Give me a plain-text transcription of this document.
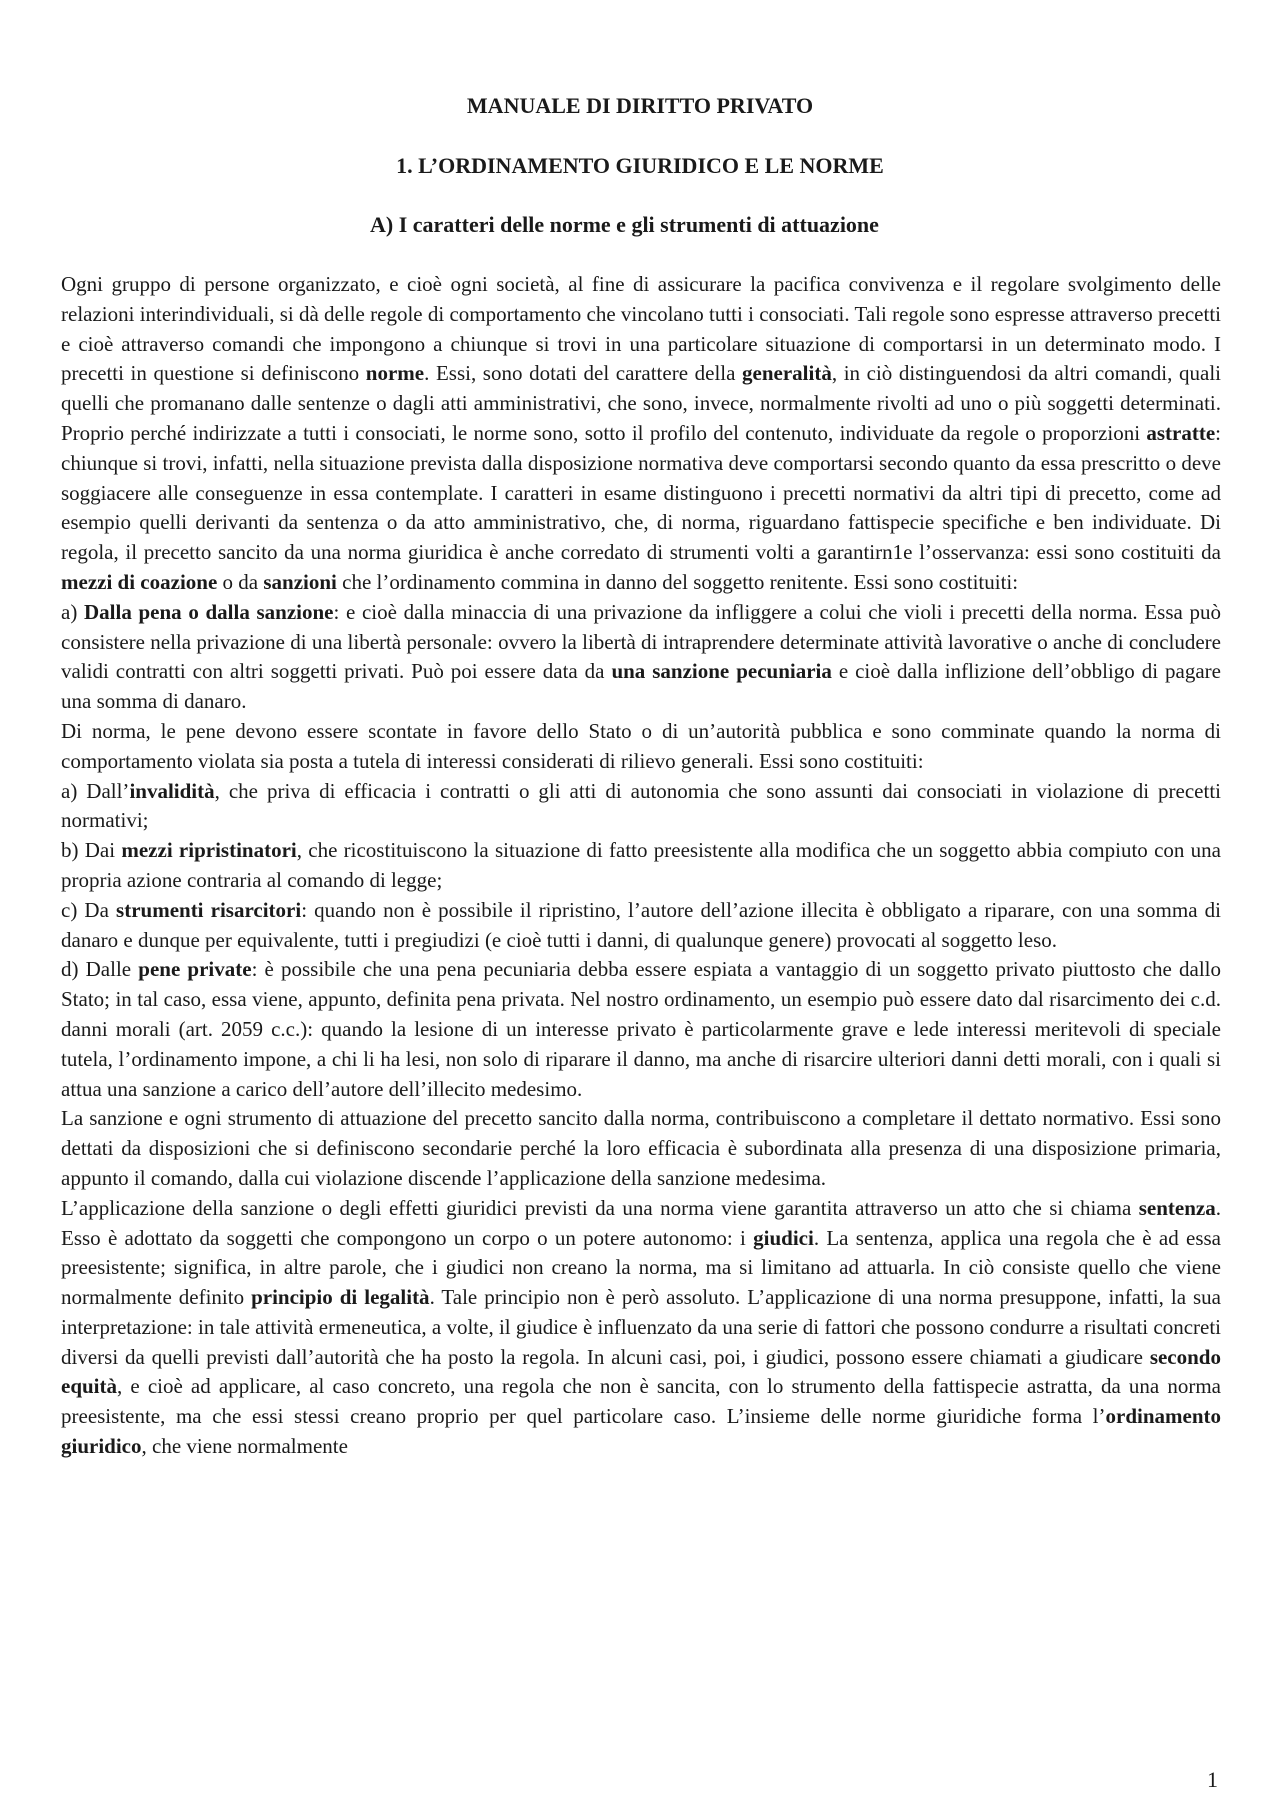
MANUALE DI DIRITTO PRIVATO
1. L’ORDINAMENTO GIURIDICO E LE NORME
A) I caratteri delle norme e gli strumenti di attuazione

Ogni gruppo di persone organizzato, e cioè ogni società, al fine di assicurare la pacifica convivenza e il regolare svolgimento delle relazioni interindividuali, si dà delle regole di comportamento che vincolano tutti i consociati. Tali regole sono espresse attraverso precetti e cioè attraverso comandi che impongono a chiunque si trovi in una particolare situazione di comportarsi in un determinato modo. I precetti in questione si definiscono norme. Essi, sono dotati del carattere della generalità, in ciò distinguendosi da altri comandi, quali quelli che promanano dalle sentenze o dagli atti amministrativi, che sono, invece, normalmente rivolti ad uno o più soggetti determinati. Proprio perché indirizzate a tutti i consociati, le norme sono, sotto il profilo del contenuto, individuate da regole o proporzioni astratte: chiunque si trovi, infatti, nella situazione prevista dalla disposizione normativa deve comportarsi secondo quanto da essa prescritto o deve soggiacere alle conseguenze in essa contemplate. I caratteri in esame distinguono i precetti normativi da altri tipi di precetto, come ad esempio quelli derivanti da sentenza o da atto amministrativo, che, di norma, riguardano fattispecie specifiche e ben individuate. Di regola, il precetto sancito da una norma giuridica è anche corredato di strumenti volti a garantirn1e l’osservanza: essi sono costituiti da mezzi di coazione o da sanzioni che l’ordinamento commina in danno del soggetto renitente. Essi sono costituiti:

a) Dalla pena o dalla sanzione: e cioè dalla minaccia di una privazione da infliggere a colui che violi i precetti della norma. Essa può consistere nella privazione di una libertà personale: ovvero la libertà di intraprendere determinate attività lavorative o anche di concludere validi contratti con altri soggetti privati. Può poi essere data da una sanzione pecuniaria e cioè dalla inflizione dell’obbligo di pagare una somma di danaro.

Di norma, le pene devono essere scontate in favore dello Stato o di un’autorità pubblica e sono comminate quando la norma di comportamento violata sia posta a tutela di interessi considerati di rilievo generali. Essi sono costituiti:

a) Dall’invalidità, che priva di efficacia i contratti o gli atti di autonomia che sono assunti dai consociati in violazione di precetti normativi;

b) Dai mezzi ripristinatori, che ricostituiscono la situazione di fatto preesistente alla modifica che un soggetto abbia compiuto con una propria azione contraria al comando di legge;

c) Da strumenti risarcitori: quando non è possibile il ripristino, l’autore dell’azione illecita è obbligato a riparare, con una somma di danaro e dunque per equivalente, tutti i pregiudizi (e cioè tutti i danni, di qualunque genere) provocati al soggetto leso.

d) Dalle pene private: è possibile che una pena pecuniaria debba essere espiata a vantaggio di un soggetto privato piuttosto che dallo Stato; in tal caso, essa viene, appunto, definita pena privata. Nel nostro ordinamento, un esempio può essere dato dal risarcimento dei c.d. danni morali (art. 2059 c.c.): quando la lesione di un interesse privato è particolarmente grave e lede interessi meritevoli di speciale tutela, l’ordinamento impone, a chi li ha lesi, non solo di riparare il danno, ma anche di risarcire ulteriori danni detti morali, con i quali si attua una sanzione a carico dell’autore dell’illecito medesimo.

La sanzione e ogni strumento di attuazione del precetto sancito dalla norma, contribuiscono a completare il dettato normativo. Essi sono dettati da disposizioni che si definiscono secondarie perché la loro efficacia è subordinata alla presenza di una disposizione primaria, appunto il comando, dalla cui violazione discende l’applicazione della sanzione medesima.

L’applicazione della sanzione o degli effetti giuridici previsti da una norma viene garantita attraverso un atto che si chiama sentenza. Esso è adottato da soggetti che compongono un corpo o un potere autonomo: i giudici. La sentenza, applica una regola che è ad essa preesistente; significa, in altre parole, che i giudici non creano la norma, ma si limitano ad attuarla. In ciò consiste quello che viene normalmente definito principio di legalità. Tale principio non è però assoluto. L’applicazione di una norma presuppone, infatti, la sua interpretazione: in tale attività ermeneutica, a volte, il giudice è influenzato da una serie di fattori che possono condurre a risultati concreti diversi da quelli previsti dall’autorità che ha posto la regola. In alcuni casi, poi, i giudici, possono essere chiamati a giudicare secondo equità, e cioè ad applicare, al caso concreto, una regola che non è sancita, con lo strumento della fattispecie astratta, da una norma preesistente, ma che essi stessi creano proprio per quel particolare caso. L’insieme delle norme giuridiche forma l’ordinamento giuridico, che viene normalmente

1
